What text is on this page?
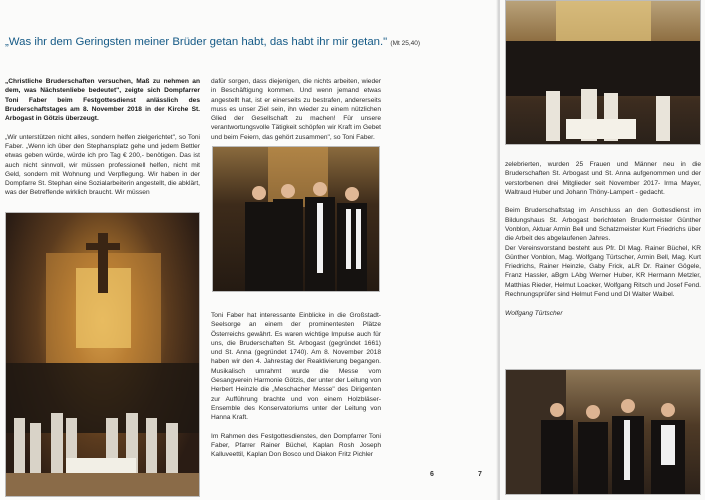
„Was ihr dem Geringsten meiner Brüder getan habt, das habt ihr mir getan." (Mt 25,40)

„Christliche Bruderschaften versuchen, Maß zu nehmen an dem, was Nächstenliebe bedeutet", zeigte sich Dompfarrer Toni Faber beim Festgottesdienst anlässlich des Bruderschaftstages am 8. November 2018 in der Kirche St. Arbogast in Götzis überzeugt.

„Wir unterstützen nicht alles, sondern helfen zielgerichtet", so Toni Faber. „Wenn ich über den Stephansplatz gehe und jedem Bettler etwas geben würde, würde ich pro Tag € 200,- benötigen. Das ist auch nicht sinnvoll, wir müssen professionell helfen, nicht mit Geld, sondern mit Wohnung und Verpflegung. Wir haben in der Dompfarre St. Stephan eine Sozialarbeiterin angestellt, die abklärt, was der Betreffende wirklich braucht. Wir müssen

dafür sorgen, dass diejenigen, die nichts arbeiten, wieder in Beschäftigung kommen. Und wenn jemand etwas angestellt hat, ist er einerseits zu bestrafen, andererseits muss es unser Ziel sein, ihn wieder zu einem nützlichen Glied der Gesellschaft zu machen! Für unsere verantwortungsvolle Tätigkeit schöpfen wir Kraft im Gebet und beim Feiern, das gehört zusammen", so Toni Faber.

Toni Faber hat interessante Einblicke in die Großstadt-Seelsorge an einem der prominentesten Plätze Österreichs gewährt. Es waren wichtige Impulse auch für uns, die Bruderschaften St. Arbogast (gegründet 1661) und St. Anna (gegründet 1740). Am 8. November 2018 haben wir den 4. Jahrestag der Reaktivierung begangen. Musikalisch umrahmt wurde die Messe vom Gesangverein Harmonie Götzis, der unter der Leitung von Herbert Heinzle die „Meschacher Messe" des Dirigenten zur Aufführung brachte und von einem Holzbläser-Ensemble des Konservatoriums unter der Leitung von Hanna Kraft.

Im Rahmen des Festgottesdienstes, den Dompfarrer Toni Faber, Pfarrer Rainer Büchel, Kaplan Rosh Joseph Kalluveettil, Kaplan Don Bosco und Diakon Fritz Pichler

6	7

zelebrierten, wurden 25 Frauen und Männer neu in die Bruderschaften St. Arbogast und St. Anna aufgenommen und der verstorbenen drei Mitglieder seit November 2017- Irma Mayer, Waltraud Huber und Johann Thöny-Lampert - gedacht.

Beim Bruderschaftstag im Anschluss an den Gottesdienst im Bildungshaus St. Arbogast berichteten Brudermeister Günther Vonblon, Aktuar Armin Bell und Schatzmeister Kurt Friedrichs über die Arbeit des abgelaufenen Jahres.

Der Vereinsvorstand besteht aus Pfr. DI Mag. Rainer Büchel, KR Günther Vonblon, Mag. Wolfgang Türtscher, Armin Bell, Mag. Kurt Friedrichs, Rainer Heinzle, Gaby Frick, aLR Dr. Rainer Gögele, Franz Hassler, aBgm LAbg Werner Huber, KR Hermann Metzler, Matthias Rieder, Helmut Loacker, Wolfgang Ritsch und Josef Fend. Rechnungsprüfer sind Helmut Fend und DI Walter Waibel.

Wolfgang Türtscher
